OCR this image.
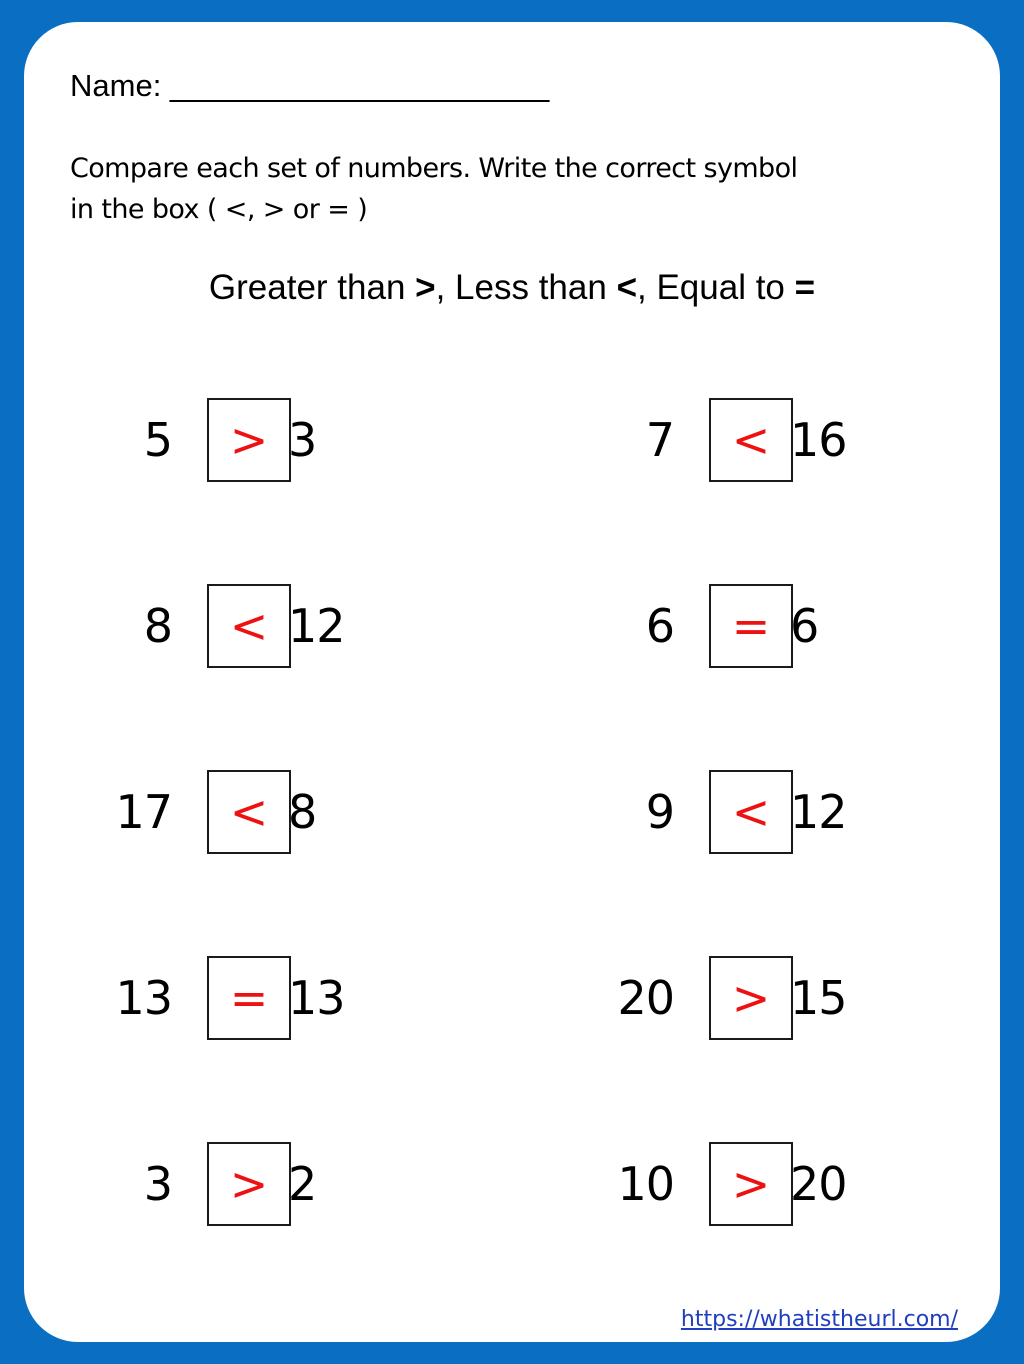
Name: ______________________
Compare each set of numbers. Write the correct symbol
in the box ( <, > or = )
Greater than >, Less than <, Equal to =
5	> 3	7	< 16
8	< 12	6	= 6
17	< 8	9	< 12
13	= 13	20	> 15
3	> 2	10	> 20
https://whatistheurl.com/
